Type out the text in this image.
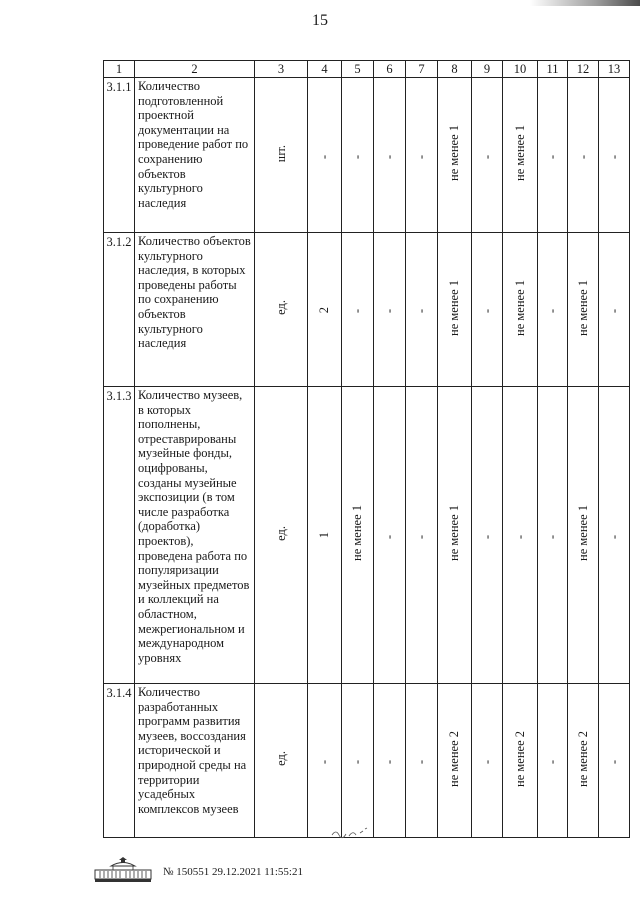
15
1	2	3	4	5	6	7	8	9	10	11	12	13
3.1.1	Количество подготовленной проектной документации на проведение работ по сохранению объектов культурного наследия	шт.	-	-	-	-	не менее 1	-	не менее 1	-	-	-
3.1.2	Количество объектов культурного наследия, в которых проведены работы по сохранению объектов культурного наследия	ед.	2	-	-	-	не менее 1	-	не менее 1	-	не менее 1	-
3.1.3	Количество музеев, в которых пополнены, отреставрированы музейные фонды, оцифрованы, созданы музейные экспозиции (в том числе разработка (доработка) проектов), проведена работа по популяризации музейных предметов и коллекций на областном, межрегиональном и международном уровнях	ед.	1	не менее 1	-	-	не менее 1	-	-	-	не менее 1	-
3.1.4	Количество разработанных программ развития музеев, воссоздания исторической и природной среды на территории усадебных комплексов музеев	ед.	-	-	-	-	не менее 2	-	не менее 2	-	не менее 2	-
№ 150551 29.12.2021 11:55:21
